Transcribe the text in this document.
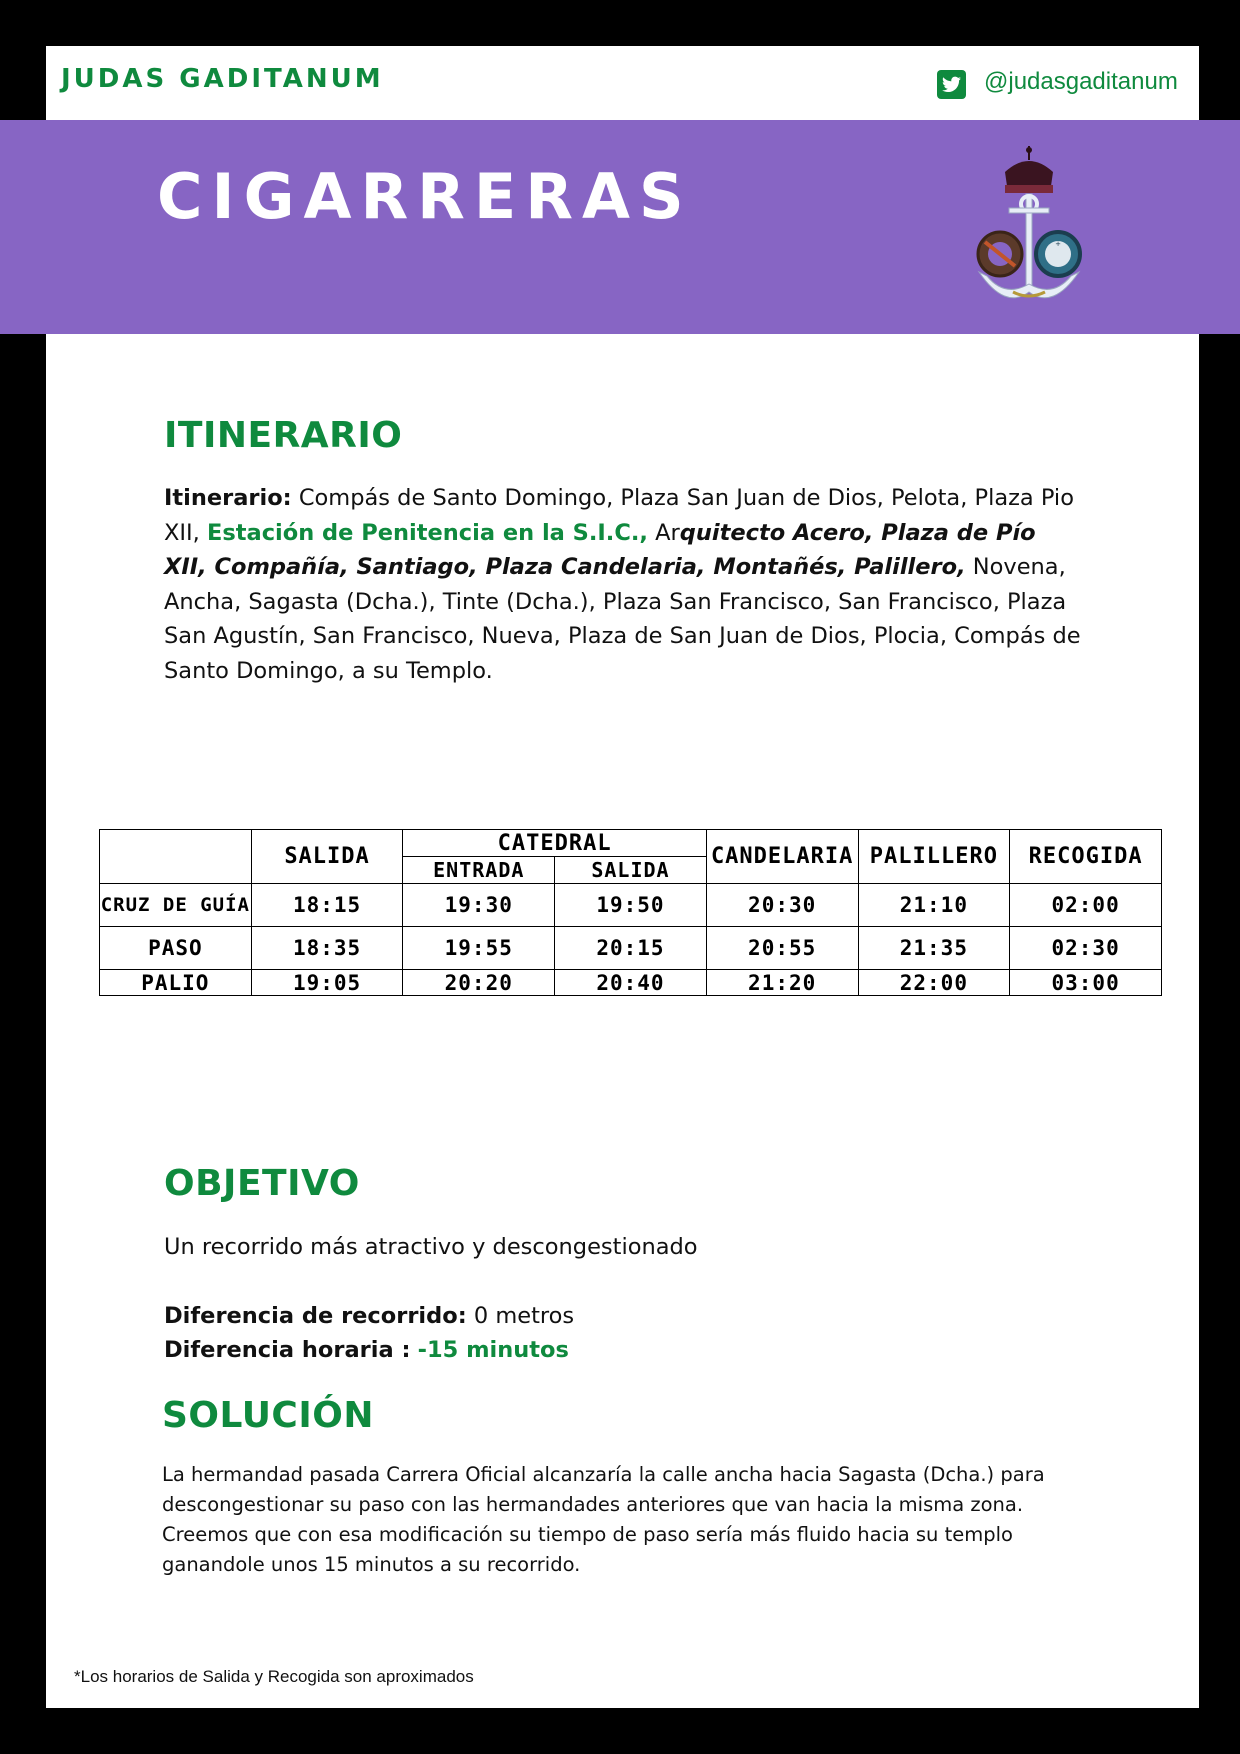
JUDAS GADITANUM	@judasgaditanum
CIGARRERAS
+
ITINERARIO

Itinerario: Compás de Santo Domingo, Plaza San Juan de Dios, Pelota, Plaza Pio XII, Estación de Penitencia en la S.I.C., Arquitecto Acero, Plaza de Pío XII, Compañía, Santiago, Plaza Candelaria, Montañés, Palillero, Novena, Ancha, Sagasta (Dcha.), Tinte (Dcha.), Plaza San Francisco, San Francisco, Plaza San Agustín, San Francisco, Nueva, Plaza de San Juan de Dios, Plocia, Compás de Santo Domingo, a su Templo.

	SALIDA	CATEDRAL		CANDELARIA	PALILLERO	RECOGIDA
		ENTRADA	SALIDA			
CRUZ DE GUÍA	18:15	19:30	19:50	20:30	21:10	02:00
PASO	18:35	19:55	20:15	20:55	21:35	02:30
PALIO	19:05	20:20	20:40	21:20	22:00	03:00
OBJETIVO

Un recorrido más atractivo y descongestionado

Diferencia de recorrido: 0 metros

Diferencia horaria : -15 minutos

SOLUCIÓN

La hermandad pasada Carrera Oficial alcanzaría la calle ancha hacia Sagasta (Dcha.) para descongestionar su paso con las hermandades anteriores que van hacia la misma zona. Creemos que con esa modificación su tiempo de paso sería más fluido hacia su templo ganandole unos 15 minutos a su recorrido.

*Los horarios de Salida y Recogida son aproximados
